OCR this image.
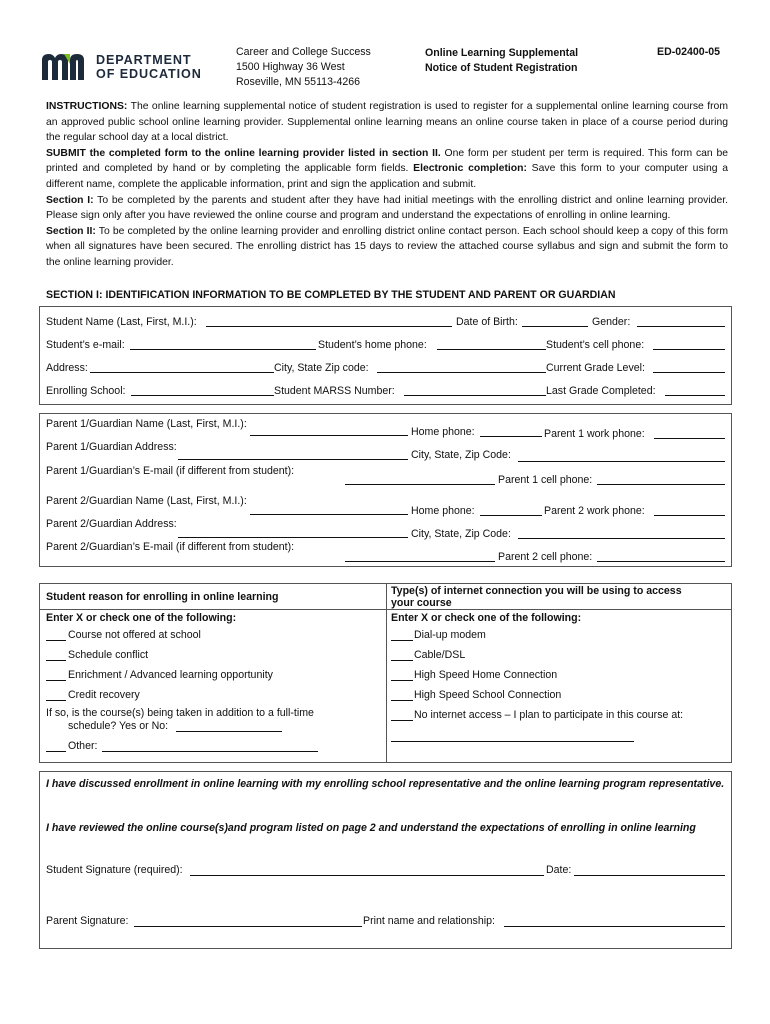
DEPARTMENT
OF EDUCATION
Career and College Success
1500 Highway 36 West
Roseville, MN 55113-4266
Online Learning Supplemental
Notice of Student Registration
ED-02400-05

INSTRUCTIONS: The online learning supplemental notice of student registration is used to register for a supplemental online learning course from an approved public school online learning provider. Supplemental online learning means an online course taken in place of a course period during the regular school day at a local district.

SUBMIT the completed form to the online learning provider listed in section II. One form per student per term is required. This form can be printed and completed by hand or by completing the applicable form fields. Electronic completion: Save this form to your computer using a different name, complete the applicable information, print and sign the application and submit.

Section I: To be completed by the parents and student after they have had initial meetings with the enrolling district and online learning provider. Please sign only after you have reviewed the online course and program and understand the expectations of enrolling in online learning.

Section II: To be completed by the online learning provider and enrolling district online contact person. Each school should keep a copy of this form when all signatures have been secured. The enrolling district has 15 days to review the attached course syllabus and sign and submit the form to the online learning provider.

SECTION I: IDENTIFICATION INFORMATION TO BE COMPLETED BY THE STUDENT AND PARENT OR GUARDIAN
Student Name (Last, First, M.I.):	Date of Birth:	Gender:
Student’s e-mail:	Student’s home phone:	Student’s cell phone:
Address:	City, State Zip code:	Current Grade Level:
Enrolling School:	Student MARSS Number:	Last Grade Completed:
Parent 1/Guardian Name (Last, First, M.I.):
Home phone:	Parent 1 work phone:
Parent 1/Guardian Address:
City, State, Zip Code:
Parent 1/Guardian’s E-mail (if different from student):
Parent 1 cell phone:
Parent 2/Guardian Name (Last, First, M.I.):
Home phone:	Parent 2 work phone:
Parent 2/Guardian Address:
City, State, Zip Code:
Parent 2/Guardian’s E-mail (if different from student):
Parent 2 cell phone:
Student reason for enrolling in online learning
Enter X or check one of the following:
Course not offered at school
Schedule conflict
Enrichment / Advanced learning opportunity
Credit recovery
If so, is the course(s) being taken in addition to a full-time
schedule? Yes or No:
Other:
Type(s) of internet connection you will be using to access
your course
Enter X or check one of the following:
Dial-up modem
Cable/DSL
High Speed Home Connection
High Speed School Connection
No internet access – I plan to participate in this course at:
I have discussed enrollment in online learning with my enrolling school representative and the online learning program representative.
I have reviewed the online course(s)and program listed on page 2 and understand the expectations of enrolling in online learning
Student Signature (required):	Date:
Parent Signature:	Print name and relationship:
